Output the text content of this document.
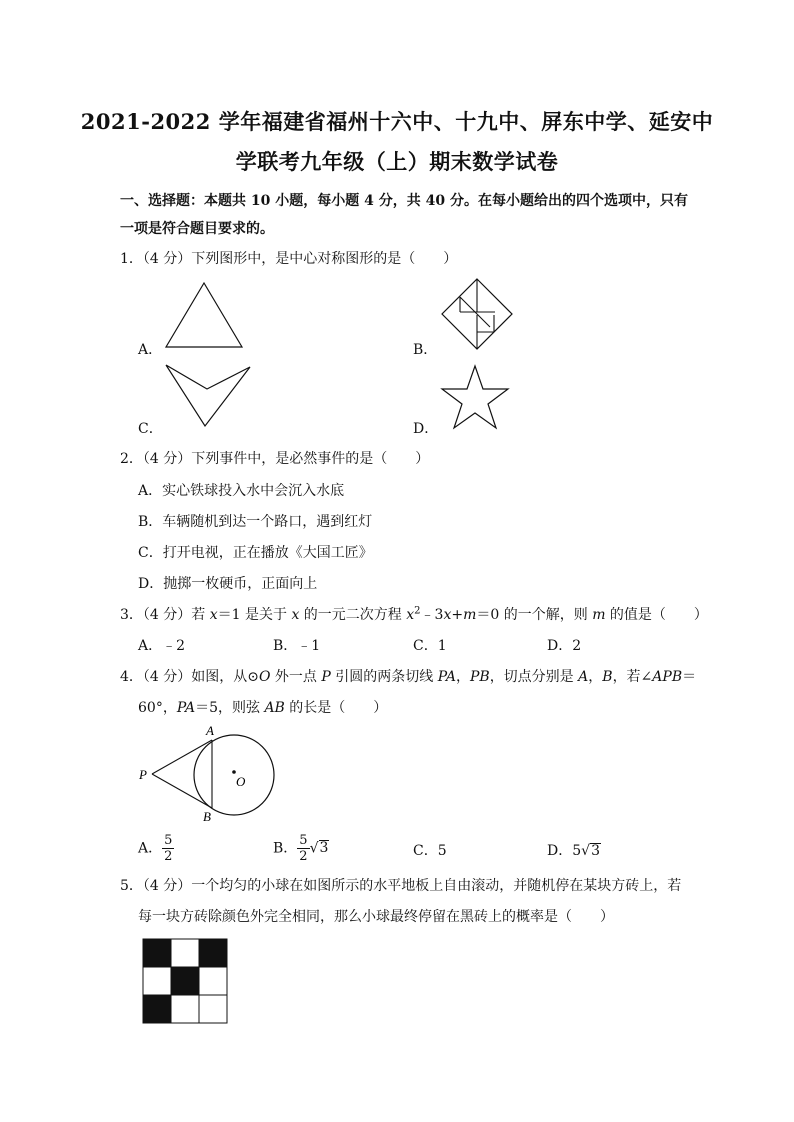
2021-2022 学年福建省福州十六中、十九中、屏东中学、延安中
学联考九年级（上）期末数学试卷
一、选择题：本题共 10 小题，每小题 4 分，共 40 分。在每小题给出的四个选项中，只有
一项是符合题目要求的。
1．（4 分）下列图形中，是中心对称图形的是（　　）
A．	B．
C．	D．
2．（4 分）下列事件中，是必然事件的是（　　）
A．实心铁球投入水中会沉入水底
B．车辆随机到达一个路口，遇到红灯
C．打开电视，正在播放《大国工匠》
D．抛掷一枚硬币，正面向上
3．（4 分）若 x＝1 是关于 x 的一元二次方程 $x^2﹣3x+m=0$ 的一个解，则 m 的值是（　　）
A．﹣2	B．﹣1	C．1	D．2
4．（4 分）如图，从⊙O 外一点 P 引圆的两条切线 PA，PB，切点分别是 A，B，若∠APB＝
60°，PA＝5，则弦 AB 的长是（　　）
A
B
P	O
A． $\frac{5}{2}$	B． $\frac{5}{2} √3$	C．5	D．5√3
5．（4 分）一个均匀的小球在如图所示的水平地板上自由滚动，并随机停在某块方砖上，若
每一块方砖除颜色外完全相同，那么小球最终停留在黑砖上的概率是（　　）
